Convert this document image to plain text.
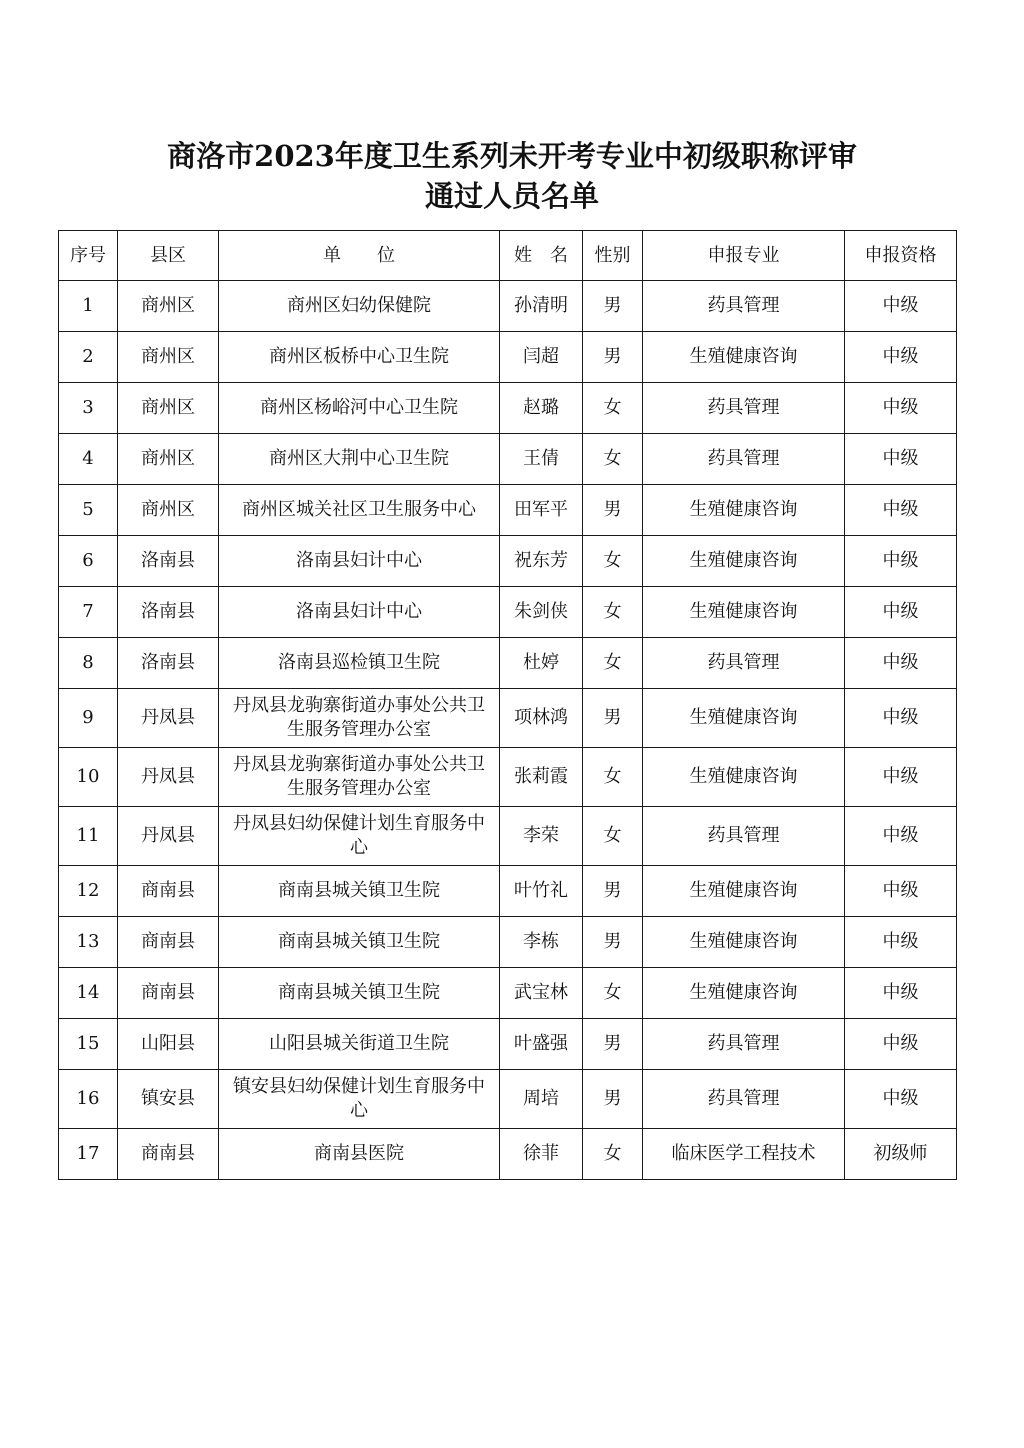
商洛市2023年度卫生系列未开考专业中初级职称评审
通过人员名单
序号	县区	单　　位	姓　名	性别	申报专业	申报资格
1	商州区	商州区妇幼保健院	孙清明	男	药具管理	中级
2	商州区	商州区板桥中心卫生院	闫超	男	生殖健康咨询	中级
3	商州区	商州区杨峪河中心卫生院	赵璐	女	药具管理	中级
4	商州区	商州区大荆中心卫生院	王倩	女	药具管理	中级
5	商州区	商州区城关社区卫生服务中心	田军平	男	生殖健康咨询	中级
6	洛南县	洛南县妇计中心	祝东芳	女	生殖健康咨询	中级
7	洛南县	洛南县妇计中心	朱剑侠	女	生殖健康咨询	中级
8	洛南县	洛南县巡检镇卫生院	杜婷	女	药具管理	中级
9	丹凤县	丹凤县龙驹寨街道办事处公共卫生服务管理办公室	项林鸿	男	生殖健康咨询	中级
10	丹凤县	丹凤县龙驹寨街道办事处公共卫生服务管理办公室	张莉霞	女	生殖健康咨询	中级
11	丹凤县	丹凤县妇幼保健计划生育服务中心	李荣	女	药具管理	中级
12	商南县	商南县城关镇卫生院	叶竹礼	男	生殖健康咨询	中级
13	商南县	商南县城关镇卫生院	李栋	男	生殖健康咨询	中级
14	商南县	商南县城关镇卫生院	武宝林	女	生殖健康咨询	中级
15	山阳县	山阳县城关街道卫生院	叶盛强	男	药具管理	中级
16	镇安县	镇安县妇幼保健计划生育服务中心	周培	男	药具管理	中级
17	商南县	商南县医院	徐菲	女	临床医学工程技术	初级师
